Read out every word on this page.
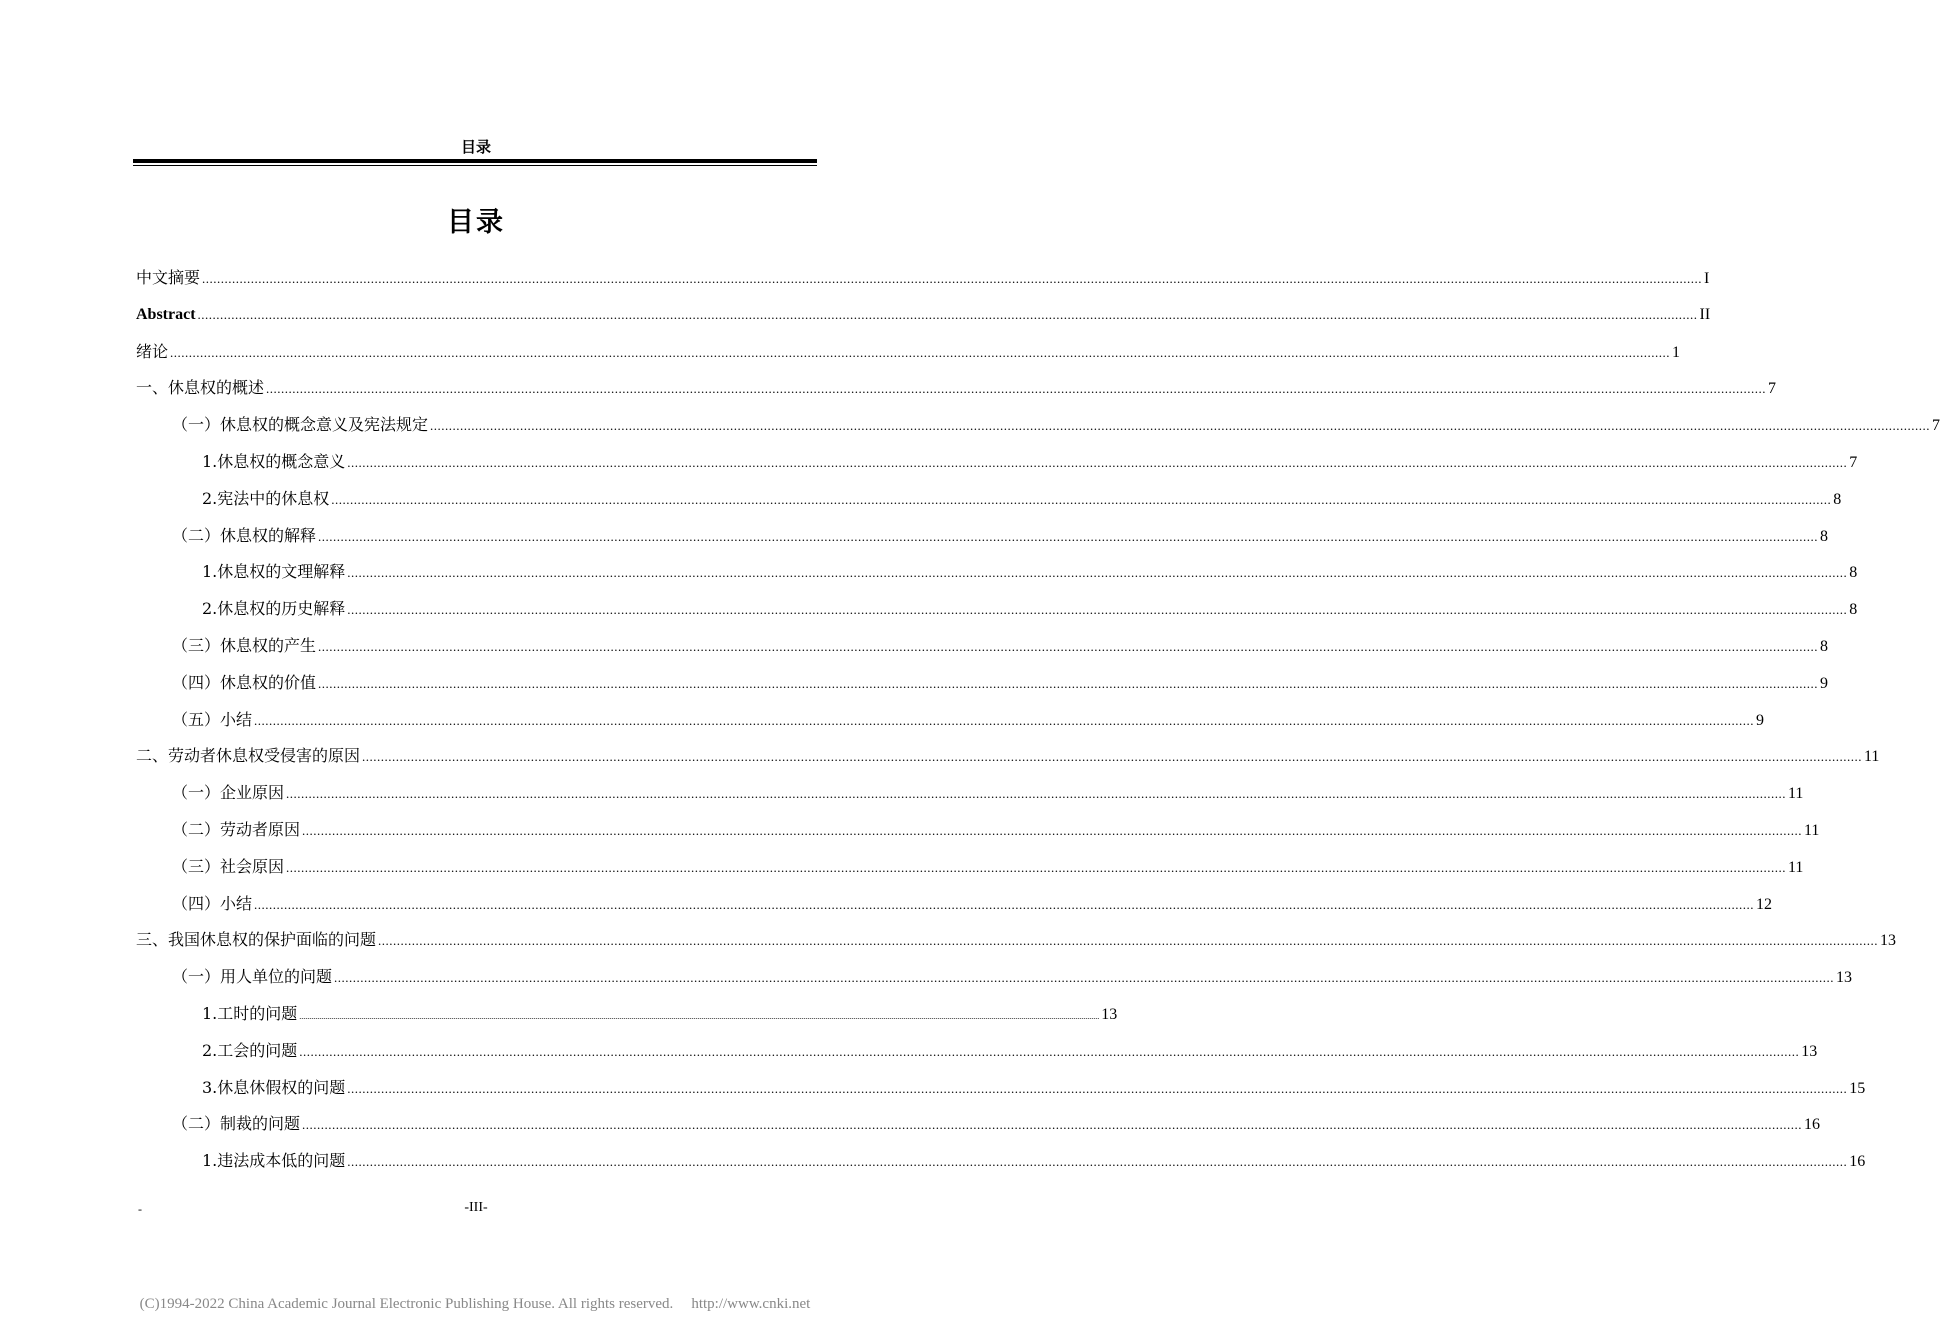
目录
目录
中文摘要 ................................................................................................................................................................................................................................................................................................................................................................................................................ I
Abstract ................................................................................................................................................................................................................................................................................................................................................................................................................ II
绪论 ................................................................................................................................................................................................................................................................................................................................................................................................................ 1
一、休息权的概述 ................................................................................................................................................................................................................................................................................................................................................................................................................ 7
（一）休息权的概念意义及宪法规定 ................................................................................................................................................................................................................................................................................................................................................................................................................ 7
1.休息权的概念意义 ................................................................................................................................................................................................................................................................................................................................................................................................................ 7
2.宪法中的休息权 ................................................................................................................................................................................................................................................................................................................................................................................................................ 8
（二）休息权的解释 ................................................................................................................................................................................................................................................................................................................................................................................................................ 8
1.休息权的文理解释 ................................................................................................................................................................................................................................................................................................................................................................................................................ 8
2.休息权的历史解释 ................................................................................................................................................................................................................................................................................................................................................................................................................ 8
（三）休息权的产生 ................................................................................................................................................................................................................................................................................................................................................................................................................ 8
（四）休息权的价值 ................................................................................................................................................................................................................................................................................................................................................................................................................ 9
（五）小结 ................................................................................................................................................................................................................................................................................................................................................................................................................ 9
二、劳动者休息权受侵害的原因 ................................................................................................................................................................................................................................................................................................................................................................................................................ 11
（一）企业原因 ................................................................................................................................................................................................................................................................................................................................................................................................................ 11
（二）劳动者原因 ................................................................................................................................................................................................................................................................................................................................................................................................................ 11
（三）社会原因 ................................................................................................................................................................................................................................................................................................................................................................................................................ 11
（四）小结 ................................................................................................................................................................................................................................................................................................................................................................................................................ 12
三、我国休息权的保护面临的问题 ................................................................................................................................................................................................................................................................................................................................................................................................................ 13
（一）用人单位的问题 ................................................................................................................................................................................................................................................................................................................................................................................................................ 13
1.工时的问题 ................................................................................................................................................................................................................................................................................................................................................................................................................ 13
2.工会的问题 ................................................................................................................................................................................................................................................................................................................................................................................................................ 13
3.休息休假权的问题 ................................................................................................................................................................................................................................................................................................................................................................................................................ 15
（二）制裁的问题 ................................................................................................................................................................................................................................................................................................................................................................................................................ 16
1.违法成本低的问题 ................................................................................................................................................................................................................................................................................................................................................................................................................ 16
-	-III-
(C)1994-2022 China Academic Journal Electronic Publishing House. All rights reserved. http://www.cnki.net
